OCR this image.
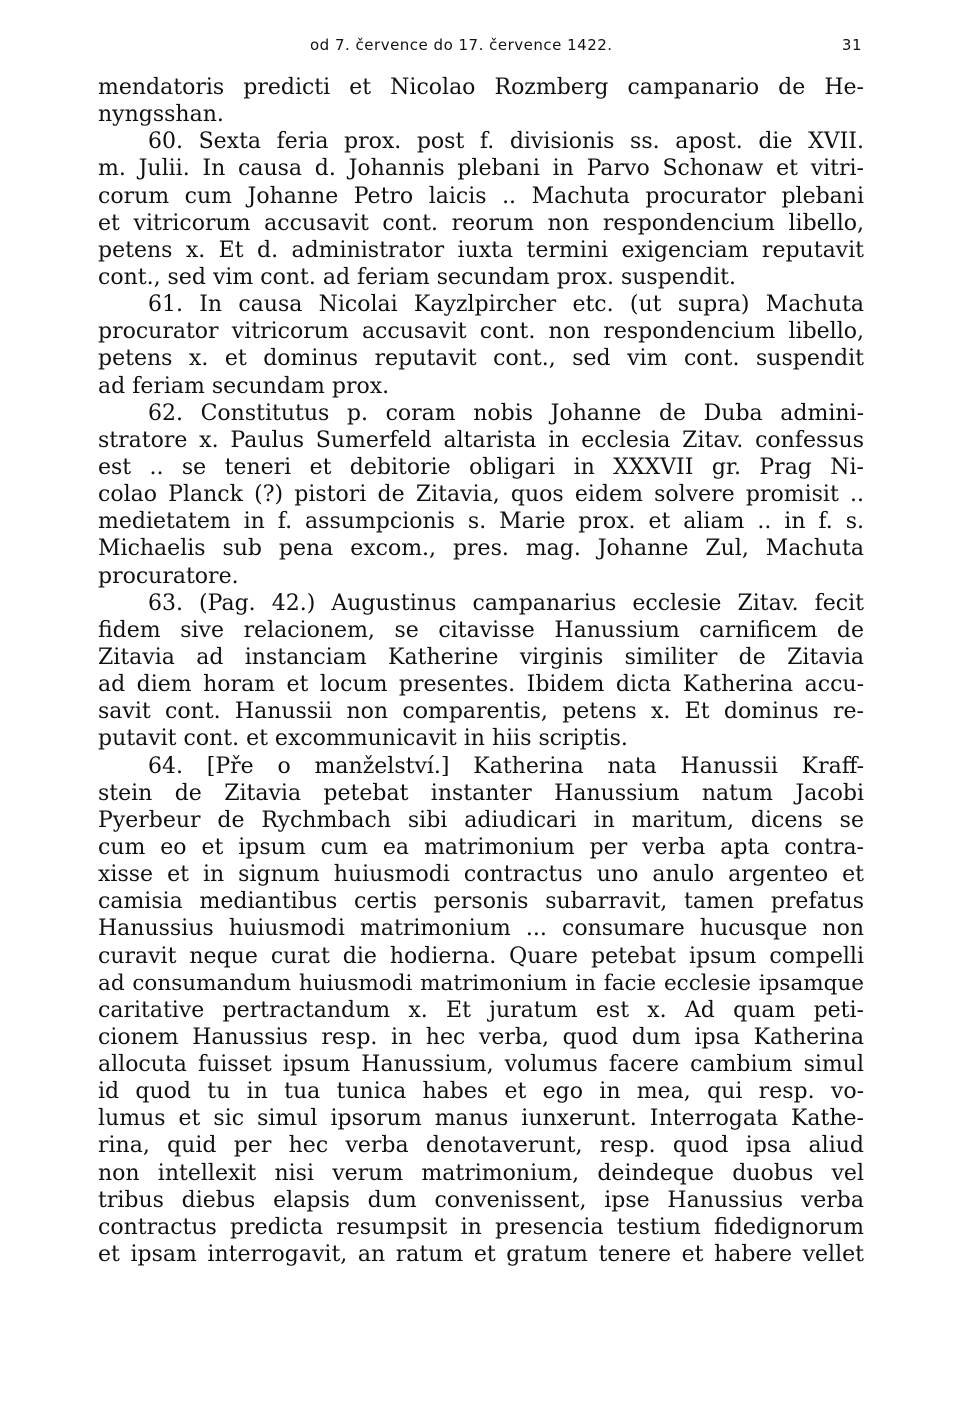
od 7. července do 17. července 1422.	31
mendatoris predicti et Nicolao Rozmberg campanario de He-
nyngsshan.
60. Sexta feria prox. post f. divisionis ss. apost. die XVII.
m. Julii. In causa d. Johannis plebani in Parvo Schonaw et vitri-
corum cum Johanne Petro laicis .. Machuta procurator plebani
et vitricorum accusavit cont. reorum non respondencium libello,
petens x. Et d. administrator iuxta termini exigenciam reputavit
cont., sed vim cont. ad feriam secundam prox. suspendit.
61. In causa Nicolai Kayzlpircher etc. (ut supra) Machuta
procurator vitricorum accusavit cont. non respondencium libello,
petens x. et dominus reputavit cont., sed vim cont. suspendit
ad feriam secundam prox.
62. Constitutus p. coram nobis Johanne de Duba admini-
stratore x. Paulus Sumerfeld altarista in ecclesia Zitav. confessus
est .. se teneri et debitorie obligari in XXXVII gr. Prag Ni-
colao Planck (?) pistori de Zitavia, quos eidem solvere promisit ..
medietatem in f. assumpcionis s. Marie prox. et aliam .. in f. s.
Michaelis sub pena excom., pres. mag. Johanne Zul, Machuta
procuratore.
63. (Pag. 42.) Augustinus campanarius ecclesie Zitav. fecit
fidem sive relacionem, se citavisse Hanussium carnificem de
Zitavia ad instanciam Katherine virginis similiter de Zitavia
ad diem horam et locum presentes. Ibidem dicta Katherina accu-
savit cont. Hanussii non comparentis, petens x. Et dominus re-
putavit cont. et excommunicavit in hiis scriptis.
64. [Pře o manželství.] Katherina nata Hanussii Kraff-
stein de Zitavia petebat instanter Hanussium natum Jacobi
Pyerbeur de Rychmbach sibi adiudicari in maritum, dicens se
cum eo et ipsum cum ea matrimonium per verba apta contra-
xisse et in signum huiusmodi contractus uno anulo argenteo et
camisia mediantibus certis personis subarravit, tamen prefatus
Hanussius huiusmodi matrimonium ... consumare hucusque non
curavit neque curat die hodierna. Quare petebat ipsum compelli
ad consumandum huiusmodi matrimonium in facie ecclesie ipsamque
caritative pertractandum x. Et juratum est x. Ad quam peti-
cionem Hanussius resp. in hec verba, quod dum ipsa Katherina
allocuta fuisset ipsum Hanussium, volumus facere cambium simul
id quod tu in tua tunica habes et ego in mea, qui resp. vo-
lumus et sic simul ipsorum manus iunxerunt. Interrogata Kathe-
rina, quid per hec verba denotaverunt, resp. quod ipsa aliud
non intellexit nisi verum matrimonium, deindeque duobus vel
tribus diebus elapsis dum convenissent, ipse Hanussius verba
contractus predicta resumpsit in presencia testium fidedignorum
et ipsam interrogavit, an ratum et gratum tenere et habere vellet
